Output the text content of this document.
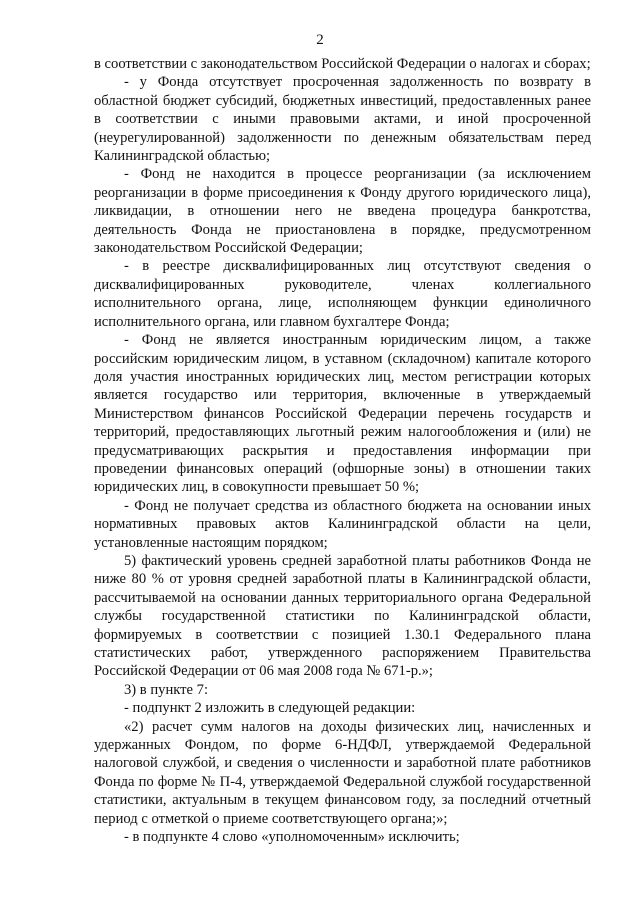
2

в соответствии с законодательством Российской Федерации о налогах и сборах;

- у Фонда отсутствует просроченная задолженность по возврату в областной бюджет субсидий, бюджетных инвестиций, предоставленных ранее в соответствии с иными правовыми актами, и иной просроченной (неурегулированной) задолженности по денежным обязательствам перед Калининградской областью;

- Фонд не находится в процессе реорганизации (за исключением реорганизации в форме присоединения к Фонду другого юридического лица), ликвидации, в отношении него не введена процедура банкротства, деятельность Фонда не приостановлена в порядке, предусмотренном законодательством Российской Федерации;

- в реестре дисквалифицированных лиц отсутствуют сведения о дисквалифицированных руководителе, членах коллегиального исполнительного органа, лице, исполняющем функции единоличного исполнительного органа, или главном бухгалтере Фонда;

- Фонд не является иностранным юридическим лицом, а также российским юридическим лицом, в уставном (складочном) капитале которого доля участия иностранных юридических лиц, местом регистрации которых является государство или территория, включенные в утверждаемый Министерством финансов Российской Федерации перечень государств и территорий, предоставляющих льготный режим налогообложения и (или) не предусматривающих раскрытия и предоставления информации при проведении финансовых операций (офшорные зоны) в отношении таких юридических лиц, в совокупности превышает 50 %;

- Фонд не получает средства из областного бюджета на основании иных нормативных правовых актов Калининградской области на цели, установленные настоящим порядком;

5) фактический уровень средней заработной платы работников Фонда не ниже 80 % от уровня средней заработной платы в Калининградской области, рассчитываемой на основании данных территориального органа Федеральной службы государственной статистики по Калининградской области, формируемых в соответствии с позицией 1.30.1 Федерального плана статистических работ, утвержденного распоряжением Правительства Российской Федерации от 06 мая 2008 года № 671-р.»;

3) в пункте 7:

- подпункт 2 изложить в следующей редакции:

«2) расчет сумм налогов на доходы физических лиц, начисленных и удержанных Фондом, по форме 6-НДФЛ, утверждаемой Федеральной налоговой службой, и сведения о численности и заработной плате работников Фонда по форме № П-4, утверждаемой Федеральной службой государственной статистики, актуальным в текущем финансовом году, за последний отчетный период с отметкой о приеме соответствующего органа;»;

- в подпункте 4 слово «уполномоченным» исключить;
